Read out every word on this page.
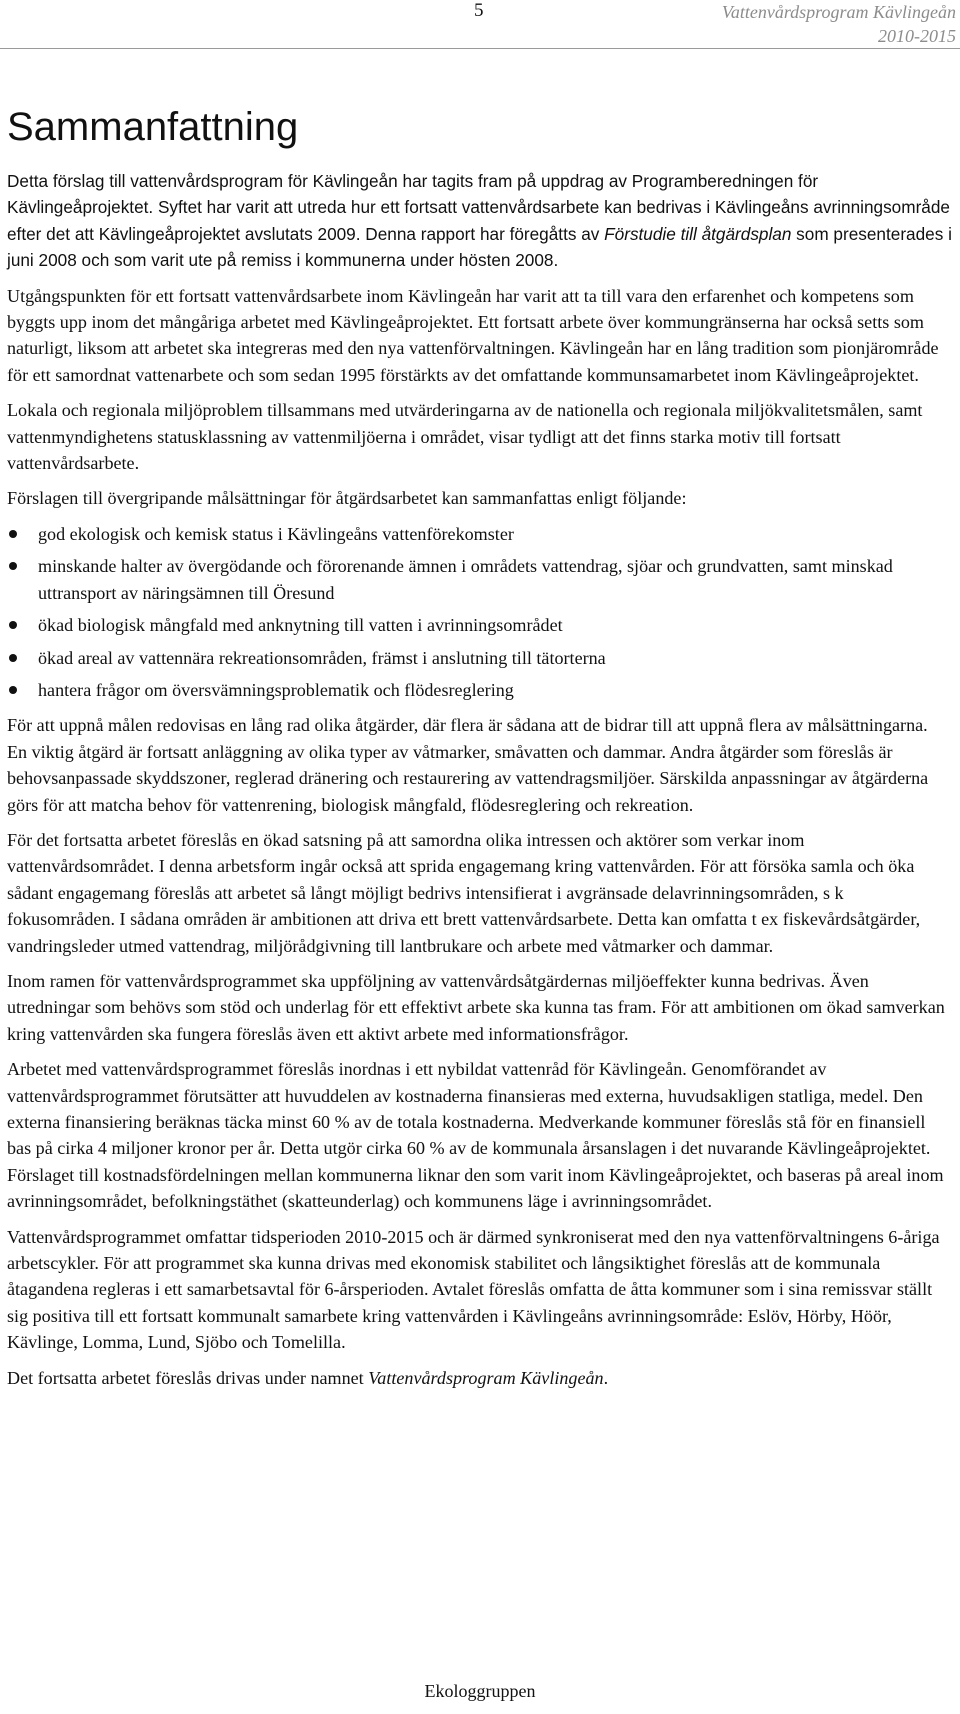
5	Vattenvårdsprogram Kävlingeån
2010-2015
Sammanfattning

Detta förslag till vattenvårdsprogram för Kävlingeån har tagits fram på uppdrag av Programberedningen för Kävlingeåprojektet. Syftet har varit att utreda hur ett fortsatt vattenvårdsarbete kan bedrivas i Kävlingeåns avrinningsområde efter det att Kävlingeåprojektet avslutats 2009. Denna rapport har föregåtts av Förstudie till åtgärdsplan som presenterades i juni 2008 och som varit ute på remiss i kommunerna under hösten 2008.

Utgångspunkten för ett fortsatt vattenvårdsarbete inom Kävlingeån har varit att ta till vara den erfarenhet och kompetens som byggts upp inom det mångåriga arbetet med Kävlingeåprojektet. Ett fortsatt arbete över kommungränserna har också setts som naturligt, liksom att arbetet ska integreras med den nya vattenförvaltningen. Kävlingeån har en lång tradition som pionjärområde för ett samordnat vattenarbete och som sedan 1995 förstärkts av det omfattande kommunsamarbetet inom Kävlingeåprojektet.

Lokala och regionala miljöproblem tillsammans med utvärderingarna av de nationella och regionala miljökvalitetsmålen, samt vattenmyndighetens statusklassning av vattenmiljöerna i området, visar tydligt att det finns starka motiv till fortsatt vattenvårdsarbete.

Förslagen till övergripande målsättningar för åtgärdsarbetet kan sammanfattas enligt följande:

god ekologisk och kemisk status i Kävlingeåns vattenförekomster
minskande halter av övergödande och förorenande ämnen i områdets vattendrag, sjöar och grundvatten, samt minskad uttransport av näringsämnen till Öresund
ökad biologisk mångfald med anknytning till vatten i avrinningsområdet
ökad areal av vattennära rekreationsområden, främst i anslutning till tätorterna
hantera frågor om översvämningsproblematik och flödesreglering

För att uppnå målen redovisas en lång rad olika åtgärder, där flera är sådana att de bidrar till att uppnå flera av målsättningarna. En viktig åtgärd är fortsatt anläggning av olika typer av våtmarker, småvatten och dammar. Andra åtgärder som föreslås är behovsanpassade skyddszoner, reglerad dränering och restaurering av vattendragsmiljöer. Särskilda anpassningar av åtgärderna görs för att matcha behov för vattenrening, biologisk mångfald, flödesreglering och rekreation.

För det fortsatta arbetet föreslås en ökad satsning på att samordna olika intressen och aktörer som verkar inom vattenvårdsområdet. I denna arbetsform ingår också att sprida engagemang kring vattenvården. För att försöka samla och öka sådant engagemang föreslås att arbetet så långt möjligt bedrivs intensifierat i avgränsade delavrinningsområden, s k fokusområden. I sådana områden är ambitionen att driva ett brett vattenvårdsarbete. Detta kan omfatta t ex fiskevårdsåtgärder, vandringsleder utmed vattendrag, miljörådgivning till lantbrukare och arbete med våtmarker och dammar.

Inom ramen för vattenvårdsprogrammet ska uppföljning av vattenvårdsåtgärdernas miljöeffekter kunna bedrivas. Även utredningar som behövs som stöd och underlag för ett effektivt arbete ska kunna tas fram. För att ambitionen om ökad samverkan kring vattenvården ska fungera föreslås även ett aktivt arbete med informationsfrågor.

Arbetet med vattenvårdsprogrammet föreslås inordnas i ett nybildat vattenråd för Kävlingeån. Genomförandet av vattenvårdsprogrammet förutsätter att huvuddelen av kostnaderna finansieras med externa, huvudsakligen statliga, medel. Den externa finansiering beräknas täcka minst 60 % av de totala kostnaderna. Medverkande kommuner föreslås stå för en finansiell bas på cirka 4 miljoner kronor per år. Detta utgör cirka 60 % av de kommunala årsanslagen i det nuvarande Kävlingeåprojektet. Förslaget till kostnadsfördelningen mellan kommunerna liknar den som varit inom Kävlingeåprojektet, och baseras på areal inom avrinningsområdet, befolkningstäthet (skatteunderlag) och kommunens läge i avrinningsområdet.

Vattenvårdsprogrammet omfattar tidsperioden 2010-2015 och är därmed synkroniserat med den nya vattenförvaltningens 6-åriga arbetscykler. För att programmet ska kunna drivas med ekonomisk stabilitet och långsiktighet föreslås att de kommunala åtagandena regleras i ett samarbetsavtal för 6-årsperioden. Avtalet föreslås omfatta de åtta kommuner som i sina remissvar ställt sig positiva till ett fortsatt kommunalt samarbete kring vattenvården i Kävlingeåns avrinningsområde: Eslöv, Hörby, Höör, Kävlinge, Lomma, Lund, Sjöbo och Tomelilla.

Det fortsatta arbetet föreslås drivas under namnet Vattenvårdsprogram Kävlingeån.

Ekologgruppen
